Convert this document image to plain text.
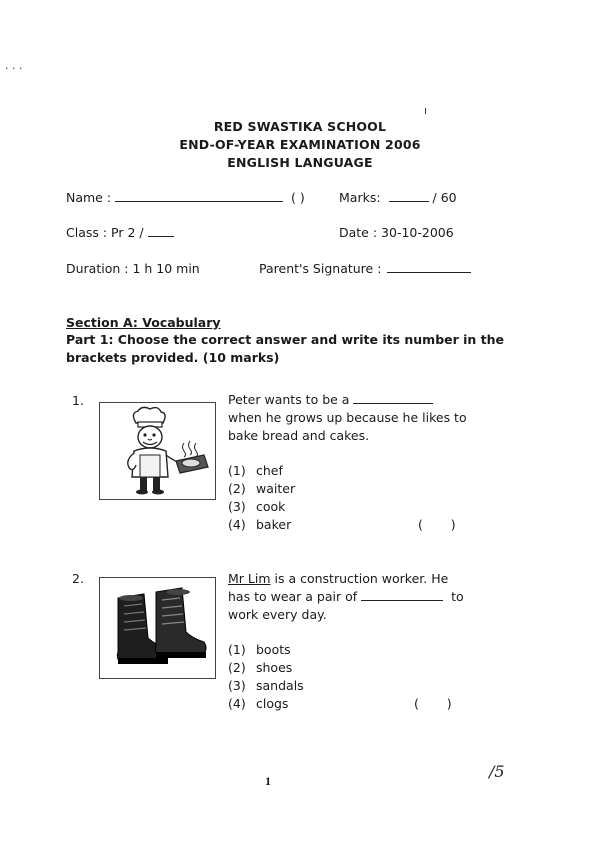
· · ·
ı
RED SWASTIKA SCHOOL
END-OF-YEAR EXAMINATION 2006
ENGLISH LANGUAGE
Name :	( )	Marks:	/ 60
Class : Pr 2 /	Date : 30-10-2006
Duration : 1 h 10 min	Parent's Signature :
Section A: Vocabulary
Part 1: Choose the correct answer and write its number in the
brackets provided. (10 marks)
1.	Peter wants to be a
when he grows up because he likes to
bake bread and cakes.
(1) chef
(2) waiter
(3) cook
(4) baker	(       )
2.	Mr Lim is a construction worker. He
has to wear a pair of	to
work every day.
(1) boots
(2) shoes
(3) sandals
(4) clogs	(       )
1	/5
